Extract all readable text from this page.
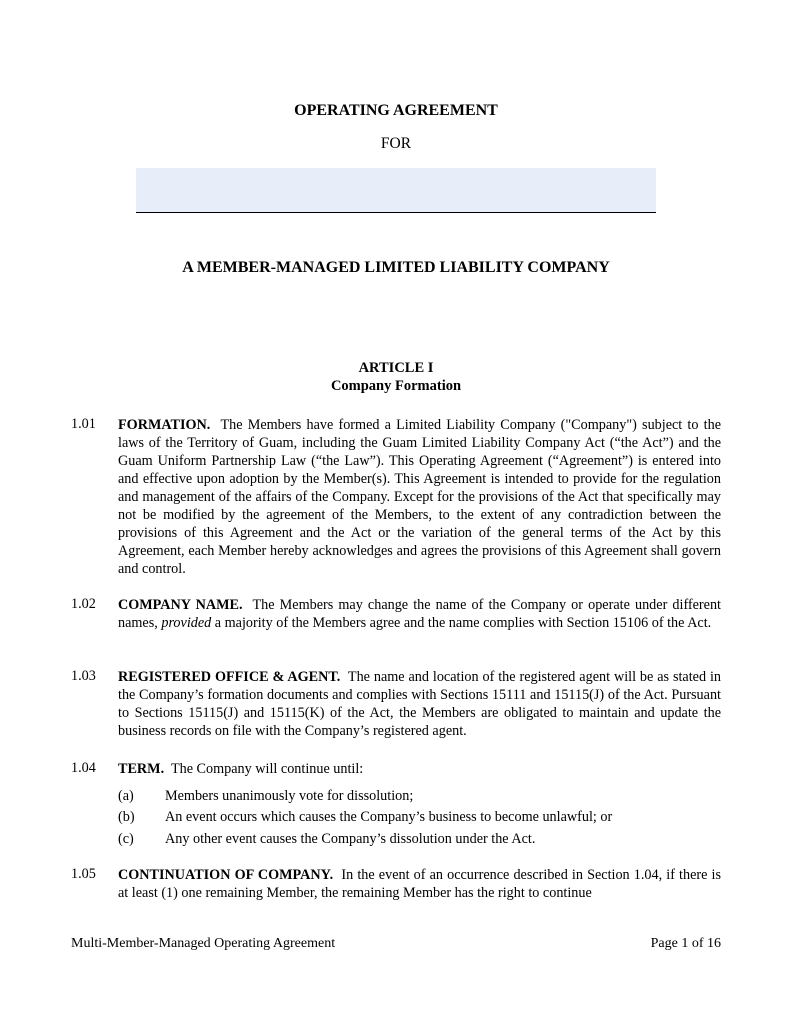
OPERATING AGREEMENT
FOR
A MEMBER-MANAGED LIMITED LIABILITY COMPANY
ARTICLE I
Company Formation
1.01 FORMATION. The Members have formed a Limited Liability Company ("Company") subject to the laws of the Territory of Guam, including the Guam Limited Liability Company Act (“the Act”) and the Guam Uniform Partnership Law (“the Law”). This Operating Agreement (“Agreement”) is entered into and effective upon adoption by the Member(s). This Agreement is intended to provide for the regulation and management of the affairs of the Company. Except for the provisions of the Act that specifically may not be modified by the agreement of the Members, to the extent of any contradiction between the provisions of this Agreement and the Act or the variation of the general terms of the Act by this Agreement, each Member hereby acknowledges and agrees the provisions of this Agreement shall govern and control.
1.02 COMPANY NAME. The Members may change the name of the Company or operate under different names, provided a majority of the Members agree and the name complies with Section 15106 of the Act.
1.03 REGISTERED OFFICE & AGENT. The name and location of the registered agent will be as stated in the Company’s formation documents and complies with Sections 15111 and 15115(J) of the Act. Pursuant to Sections 15115(J) and 15115(K) of the Act, the Members are obligated to maintain and update the business records on file with the Company’s registered agent.
1.04 TERM. The Company will continue until:
(a) Members unanimously vote for dissolution;
(b) An event occurs which causes the Company’s business to become unlawful; or
(c) Any other event causes the Company’s dissolution under the Act.
1.05 CONTINUATION OF COMPANY. In the event of an occurrence described in Section 1.04, if there is at least (1) one remaining Member, the remaining Member has the right to continue
Multi-Member-Managed Operating Agreement	Page 1 of 16
